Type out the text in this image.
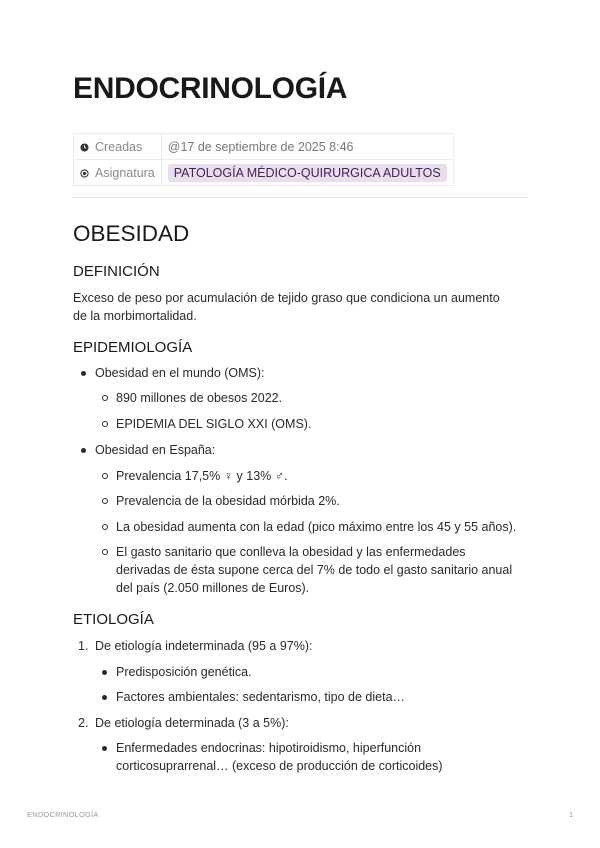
ENDOCRINOLOGÍA
Creadas	@17 de septiembre de 2025 8:46
Asignatura	PATOLOGÍA MÉDICO-QUIRURGICA ADULTOS
OBESIDAD
DEFINICIÓN

Exceso de peso por acumulación de tejido graso que condiciona un aumento

de la morbimortalidad.

EPIDEMIOLOGÍA
Obesidad en el mundo (OMS):
890 millones de obesos 2022.
EPIDEMIA DEL SIGLO XXI (OMS).
Obesidad en España:
Prevalencia 17,5% ♀ y 13% ♂.
Prevalencia de la obesidad mórbida 2%.
La obesidad aumenta con la edad (pico máximo entre los 45 y 55 años).
El gasto sanitario que conlleva la obesidad y las enfermedades
derivadas de ésta supone cerca del 7% de todo el gasto sanitario anual
del país (2.050 millones de Euros).
ETIOLOGÍA
1. De etiología indeterminada (95 a 97%):
Predisposición genética.
Factores ambientales: sedentarismo, tipo de dieta…
2. De etiología determinada (3 a 5%):
Enfermedades endocrinas: hipotiroidismo, hiperfunción
corticosuprarrenal… (exceso de producción de corticoides)
ENDOCRINOLOGÍA	1
